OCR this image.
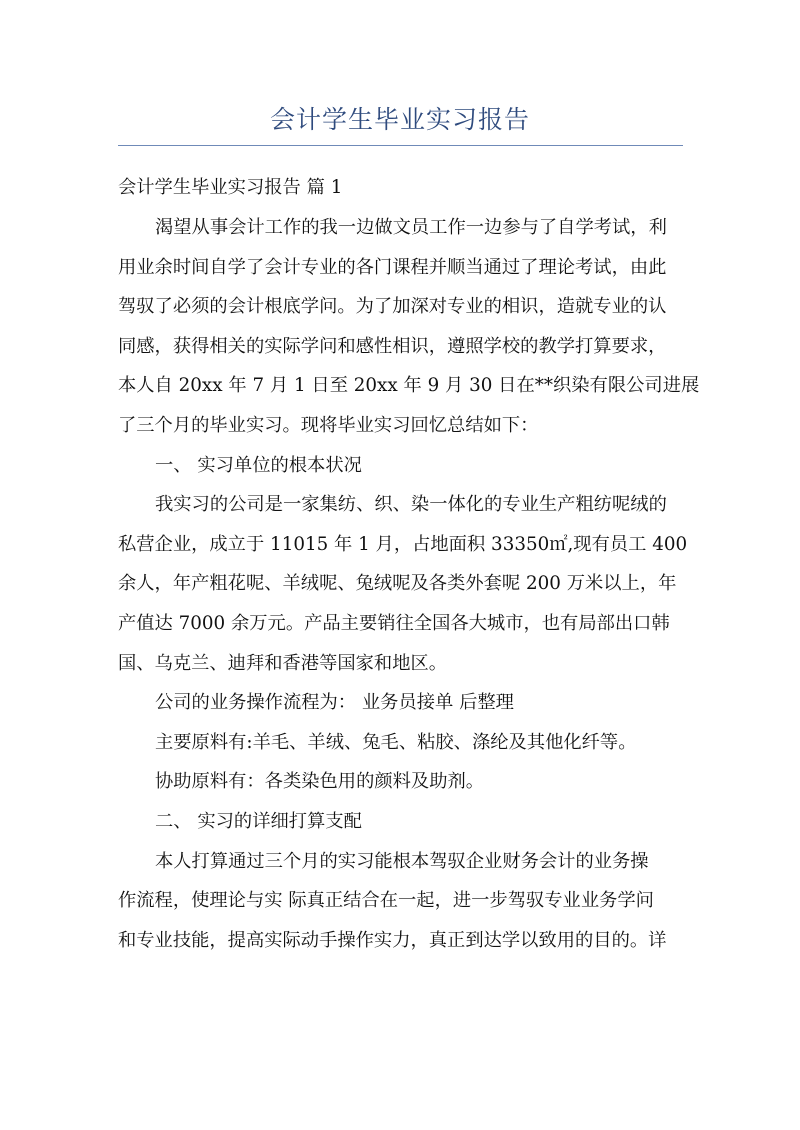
会计学生毕业实习报告
会计学生毕业实习报告 篇 1
渴望从事会计工作的我一边做文员工作一边参与了自学考试，利
用业余时间自学了会计专业的各门课程并顺当通过了理论考试，由此
驾驭了必须的会计根底学问。为了加深对专业的相识，造就专业的认
同感，获得相关的实际学问和感性相识，遵照学校的教学打算要求，
本人自 20xx 年 7 月 1 日至 20xx 年 9 月 30 日在**织染有限公司进展
了三个月的毕业实习。现将毕业实习回忆总结如下：
一、 实习单位的根本状况
我实习的公司是一家集纺、织、染一体化的专业生产粗纺呢绒的
私营企业，成立于 11015 年 1 月，占地面积 33350㎡,现有员工 400
余人，年产粗花呢、羊绒呢、兔绒呢及各类外套呢 200 万米以上，年
产值达 7000 余万元。产品主要销往全国各大城市，也有局部出口韩
国、乌克兰、迪拜和香港等国家和地区。
公司的业务操作流程为： 业务员接单 后整理
主要原料有:羊毛、羊绒、兔毛、粘胶、涤纶及其他化纤等。
协助原料有：各类染色用的颜料及助剂。
二、 实习的详细打算支配
本人打算通过三个月的实习能根本驾驭企业财务会计的业务操
作流程，使理论与实 际真正结合在一起，进一步驾驭专业业务学问
和专业技能，提高实际动手操作实力，真正到达学以致用的目的。详
